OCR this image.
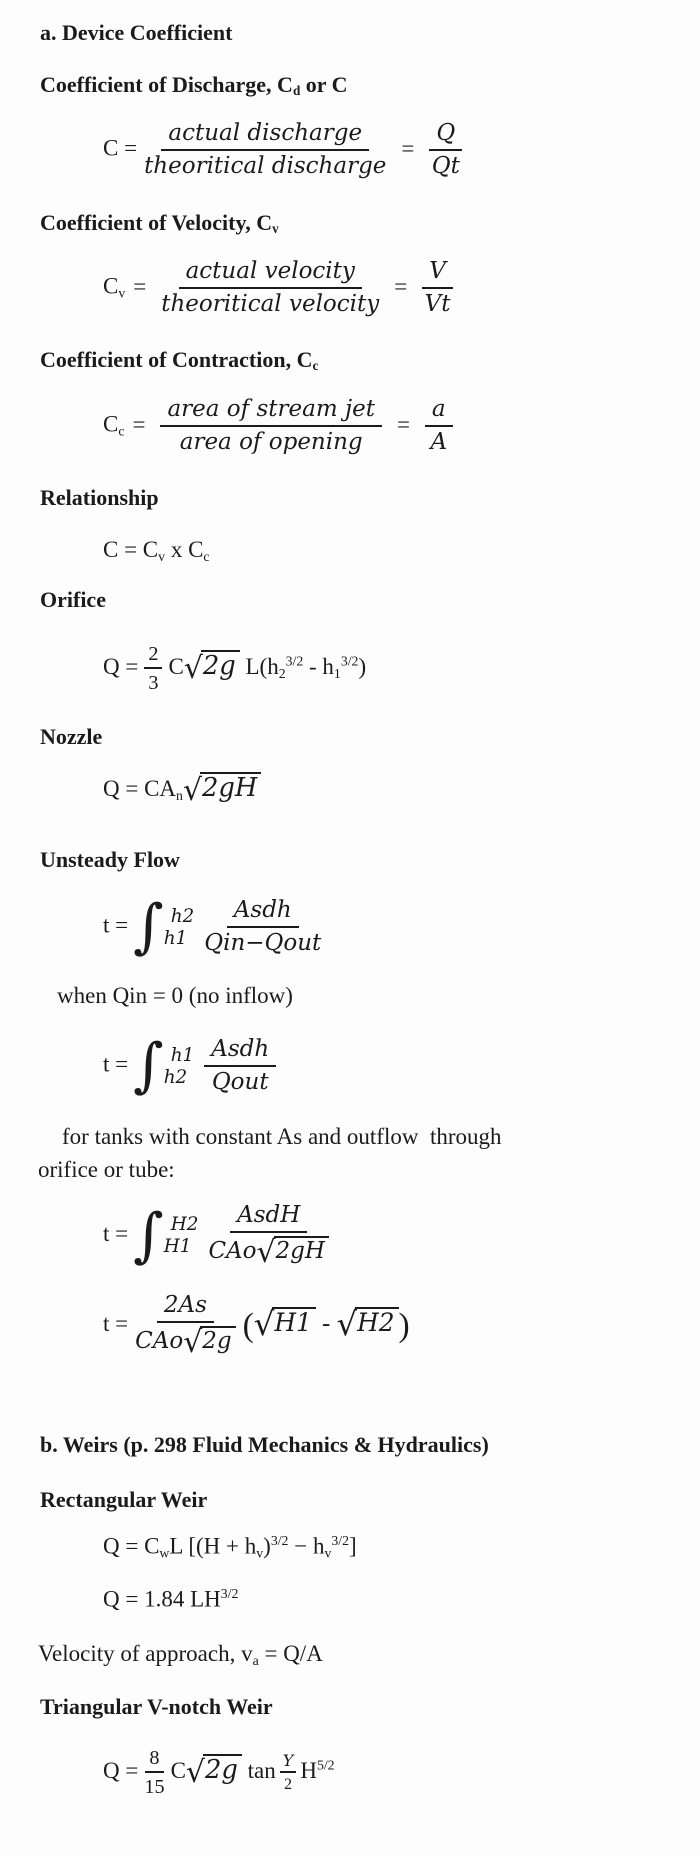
a. Device Coefficient
Coefficient of Discharge, $C_d$ or C
$C = \frac{\text{actual discharge}}{\text{theoritical discharge}} = \frac{Q}{Qt}$
Coefficient of Velocity, $C_v$
$C_v = \frac{\text{actual velocity}}{\text{theoritical velocity}} = \frac{V}{Vt}$
Coefficient of Contraction, $C_c$
$C_c = \frac{\text{area of stream jet}}{\text{area of opening}} = \frac{a}{A}$
Relationship
$C = C_v$ x $C_c$
Orifice
$Q = \frac{2}{3} C√2g$ $L(h_2^{3/2} - h_1^{3/2})$
Nozzle
$Q = CA_n√2gH$
Unsteady Flow
t = ∫ h2
$h1 \frac{\text{Asdh}}{\text{Qin−Qout}}$
when Qin = 0 (no inflow)
t = ∫ h1
$h2 \frac{\text{Asdh}}{\text{Qout}}$
for tanks with constant As and outflow  through
orifice or tube:
t = ∫ H2
$H1 \frac{\text{AsdH}}{\text{CAo√2gH}}$
$t = \frac{2As}{\text{CAo√2g}} (√H1 - √H2$ )
b. Weirs (p. 298 Fluid Mechanics & Hydraulics)
Rectangular Weir
$Q = C_wL$ $[(H + h_v)^{3/2} - h_v^{3/2}]$
Q = 1.84 $LH^{3/2}$
Velocity of approach, $v_a = Q/A$
Triangular V-notch Weir
$Q = \frac{8}{15} C√2g$ $\tan \frac{Y}{2} H^{5/2}$
